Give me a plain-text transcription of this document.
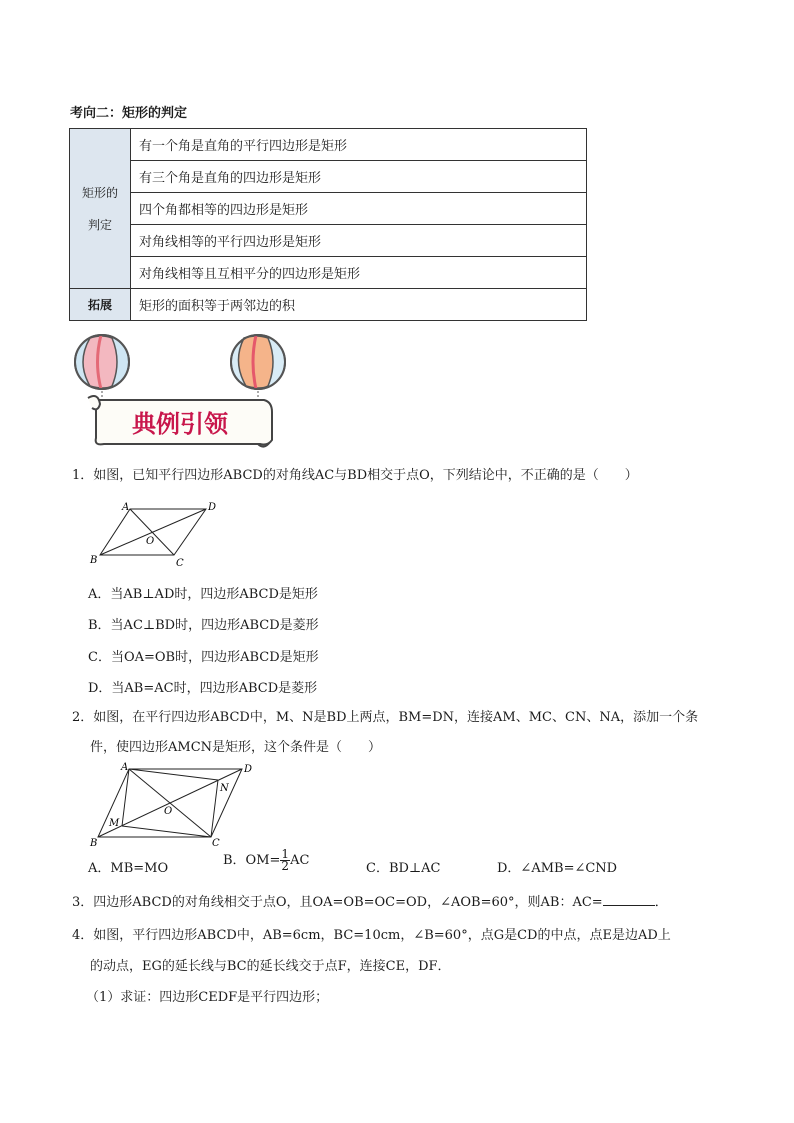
考向二：矩形的判定
矩形的
判定	有一个角是直角的平行四边形是矩形
	有三个角是直角的四边形是矩形
	四个角都相等的四边形是矩形
	对角线相等的平行四边形是矩形
	对角线相等且互相平分的四边形是矩形
拓展	矩形的面积等于两邻边的积
典例引领
1．如图，已知平行四边形ABCD的对角线AC与BD相交于点O，下列结论中，不正确的是（　　）
A	D
B	C
O
A．当AB⊥AD时，四边形ABCD是矩形
B．当AC⊥BD时，四边形ABCD是菱形
C．当OA=OB时，四边形ABCD是矩形
D．当AB=AC时，四边形ABCD是菱形
2．如图，在平行四边形ABCD中，M、N是BD上两点，BM=DN，连接AM、MC、CN、NA，添加一个条
件，使四边形AMCN是矩形，这个条件是（　　）
A	D
B	C
O
M
N
A．MB=MO
B．$OM= \frac{1}{2}$ AC
C．BD⊥AC	D．∠AMB=∠CND
3．四边形ABCD的对角线相交于点O，且OA=OB=OC=OD，∠AOB=60°，则AB：AC=	．
4．如图，平行四边形ABCD中，AB=6cm，BC=10cm，∠B=60°，点G是CD的中点，点E是边AD上
的动点，EG的延长线与BC的延长线交于点F，连接CE，DF．
（1）求证：四边形CEDF是平行四边形；
